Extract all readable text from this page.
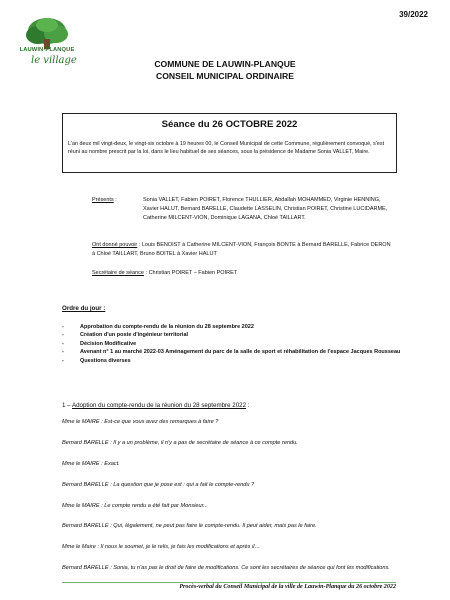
39/2022
LAUWIN-PLANQUE
le village	COMMUNE DE LAUWIN-PLANQUE
CONSEIL MUNICIPAL ORDINAIRE
Séance du 26 OCTOBRE 2022
L'an deux mil vingt-deux, le vingt-six octobre à 19 heures 00, le Conseil Municipal de cette Commune, régulièrement convoqué, s'est réuni au nombre prescrit par la loi, dans le lieu habituel de ses séances, sous la présidence de Madame Sonia VALLET, Maire.
Présents :	Sonia VALLET, Fabien POIRET, Florence THULLIER, Abdallah MOHAMMED, Virginie HENNING, Xavier HALUT, Bernard BARELLE, Claudette LASSELIN, Christian POIRET, Christine LUCIDARME, Catherine MILCENT-VION, Dominique LAGANA, Chloé TAILLART.
Ont donné pouvoir : Louis BENOIST à Catherine MILCENT-VION, François BONTE à Bernard BARELLE, Fabrice DERON à Chloé TAILLART, Bruno BOITEL à Xavier HALUT
Secrétaire de séance : Christian POIRET – Fabien POIRET
Ordre du jour :
-	Approbation du compte-rendu de la réunion du 28 septembre 2022
-	Création d'un poste d'ingénieur territorial
-	Décision Modificative
-	Avenant n° 1 au marché 2022-03 Aménagement du parc de la salle de sport et réhabilitation de l'espace Jacques Rousseau
-	Questions diverses
1 – Adoption du compte-rendu de la réunion du 28 septembre 2022 :

Mme le MAIRE : Est-ce que vous avez des remarques à faire ?

Bernard BARELLE : Il y a un problème, il n'y a pas de secrétaire de séance à ce compte rendu.

Mme le MAIRE : Exact.

Bernard BARELLE : La question que je pose est : qui a fait le compte-rendu ?

Mme le MAIRE : Le compte rendu a été fait par Monsieur...

Bernard BARELLE : Qui, légalement, ne peut pas faire le compte-rendu. Il peut aider, mais pas le faire.

Mme le Maire : Il nous le soumet, je le relis, je fais les modifications et après il…

Bernard BARELLE : Sonia, tu n'as pas le droit de faire de modifications. Ce sont les secrétaires de séance qui font les modifications.

Procès-verbal du Conseil Municipal de la ville de Lauwin-Planque du 26 octobre 2022
